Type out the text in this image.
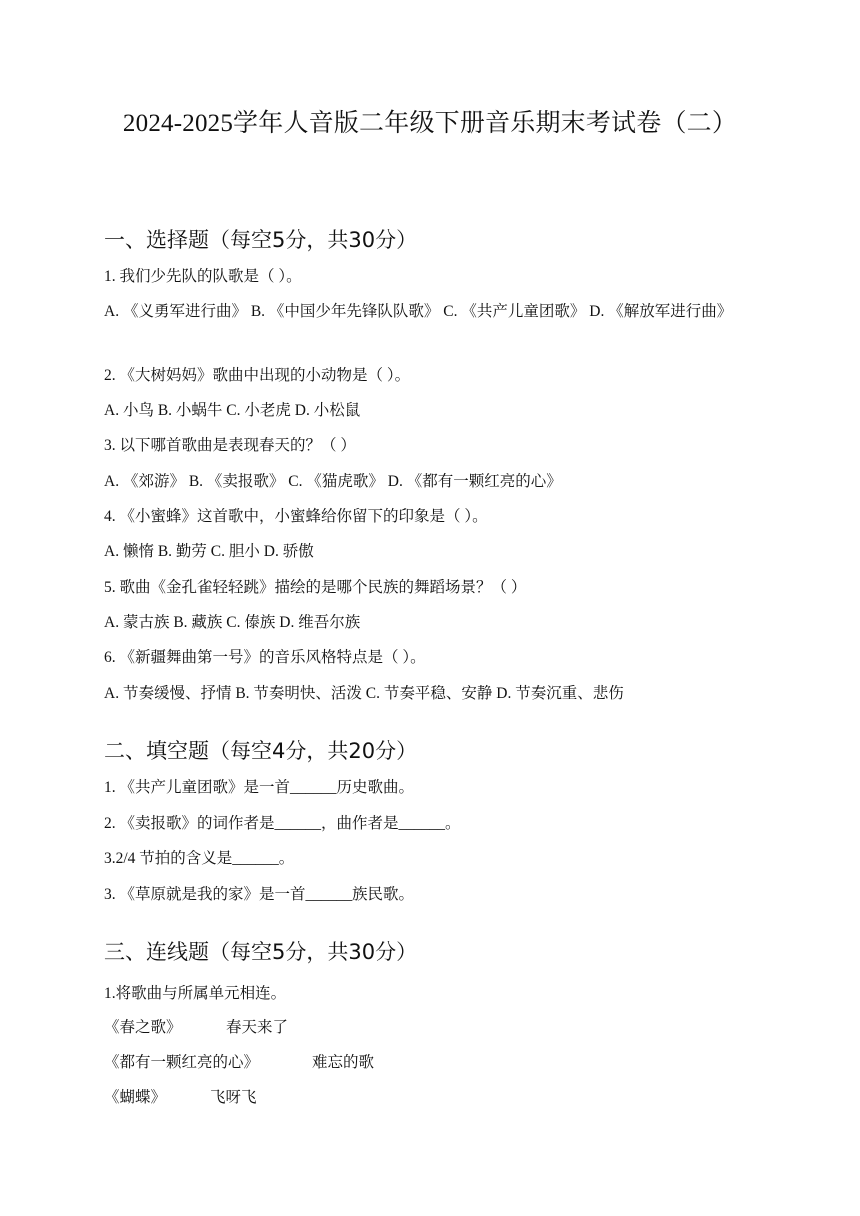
2024-2025学年人音版二年级下册音乐期末考试卷（二）
一、选择题（每空5分，共30分）
1. 我们少先队的队歌是（ ）。
A. 《义勇军进行曲》 B. 《中国少年先锋队队歌》 C. 《共产儿童团歌》 D. 《解放军进行曲》
2. 《大树妈妈》歌曲中出现的小动物是（ ）。
A. 小鸟 B. 小蜗牛 C. 小老虎 D. 小松鼠
3. 以下哪首歌曲是表现春天的？（ ）
A. 《郊游》 B. 《卖报歌》 C. 《猫虎歌》 D. 《都有一颗红亮的心》
4. 《小蜜蜂》这首歌中，小蜜蜂给你留下的印象是（ ）。
A. 懒惰 B. 勤劳 C. 胆小 D. 骄傲
5. 歌曲《金孔雀轻轻跳》描绘的是哪个民族的舞蹈场景？（ ）
A. 蒙古族 B. 藏族 C. 傣族 D. 维吾尔族
6. 《新疆舞曲第一号》的音乐风格特点是（ ）。
A. 节奏缓慢、抒情 B. 节奏明快、活泼 C. 节奏平稳、安静 D. 节奏沉重、悲伤
二、填空题（每空4分，共20分）
1. 《共产儿童团歌》是一首______历史歌曲。
2. 《卖报歌》的词作者是______，曲作者是______。
3.2/4 节拍的含义是______。
3. 《草原就是我的家》是一首______族民歌。
三、连线题（每空5分，共30分）
1.将歌曲与所属单元相连。
《春之歌》	春天来了
《都有一颗红亮的心》	难忘的歌
《蝴蝶》	飞呀飞
